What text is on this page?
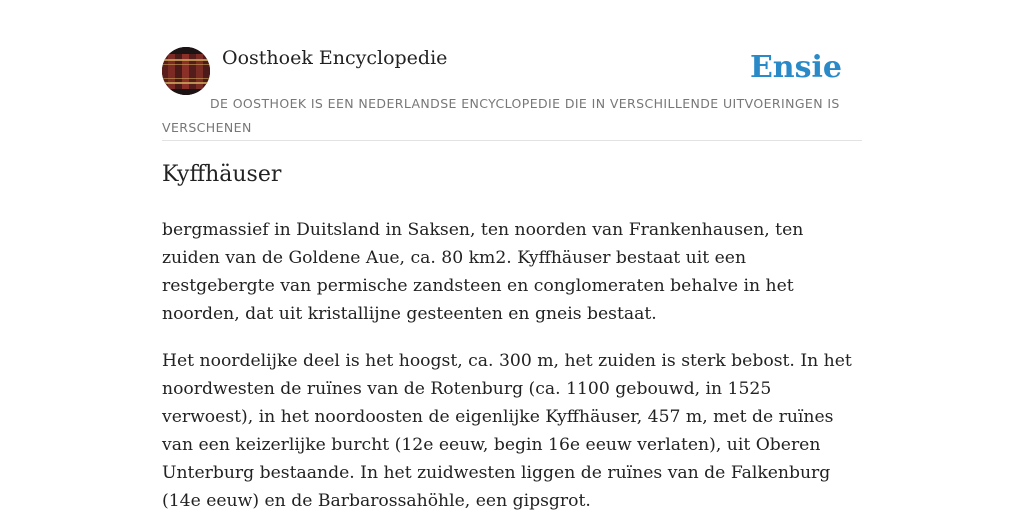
Oosthoek Encyclopedie	Ensie
DE OOSTHOEK IS EEN NEDERLANDSE ENCYCLOPEDIE DIE IN VERSCHILLENDE UITVOERINGEN IS VERSCHENEN
Kyffhäuser

bergmassief in Duitsland in Saksen, ten noorden van Frankenhausen, ten zuiden van de Goldene Aue, ca. 80 km2. Kyffhäuser bestaat uit een restgebergte van permische zandsteen en conglomeraten behalve in het noorden, dat uit kristallijne gesteenten en gneis bestaat.

Het noordelijke deel is het hoogst, ca. 300 m, het zuiden is sterk bebost. In het noordwesten de ruïnes van de Rotenburg (ca. 1100 gebouwd, in 1525 verwoest), in het noordoosten de eigenlijke Kyffhäuser, 457 m, met de ruïnes van een keizerlijke burcht (12e eeuw, begin 16e eeuw verlaten), uit Oberen Unterburg bestaande. In het zuidwesten liggen de ruïnes van de Falkenburg (14e eeuw) en de Barbarossahöhle, een gipsgrot.
